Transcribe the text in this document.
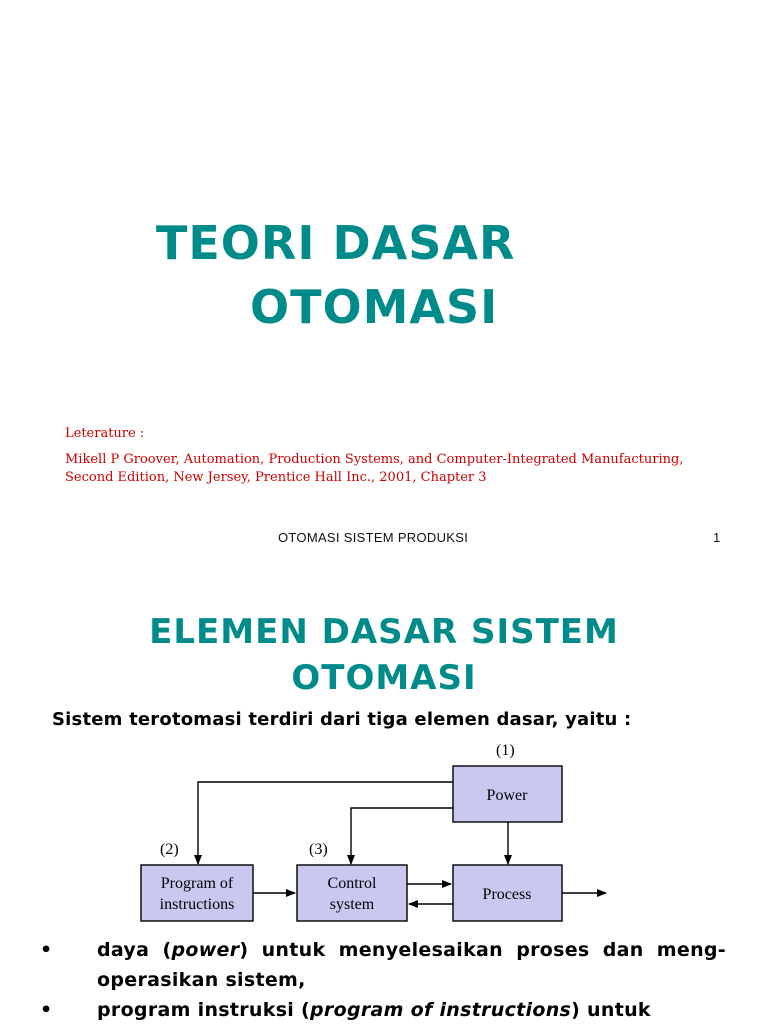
TEORI DASAR
OTOMASI
Leterature :
Mikell P Groover, Automation, Production Systems, and Computer-Integrated Manufacturing, Second Edition, New Jersey, Prentice Hall Inc., 2001, Chapter 3
OTOMASI SISTEM PRODUKSI	1
ELEMEN DASAR SISTEM
OTOMASI
Sistem terotomasi terdiri dari tiga elemen dasar, yaitu :
(1)
(2)	(3)
Power
Program of
instructions
Control
system
Process
• daya (power) untuk menyelesaikan proses dan meng-operasikan sistem,
• program instruksi (program of instructions) untuk
